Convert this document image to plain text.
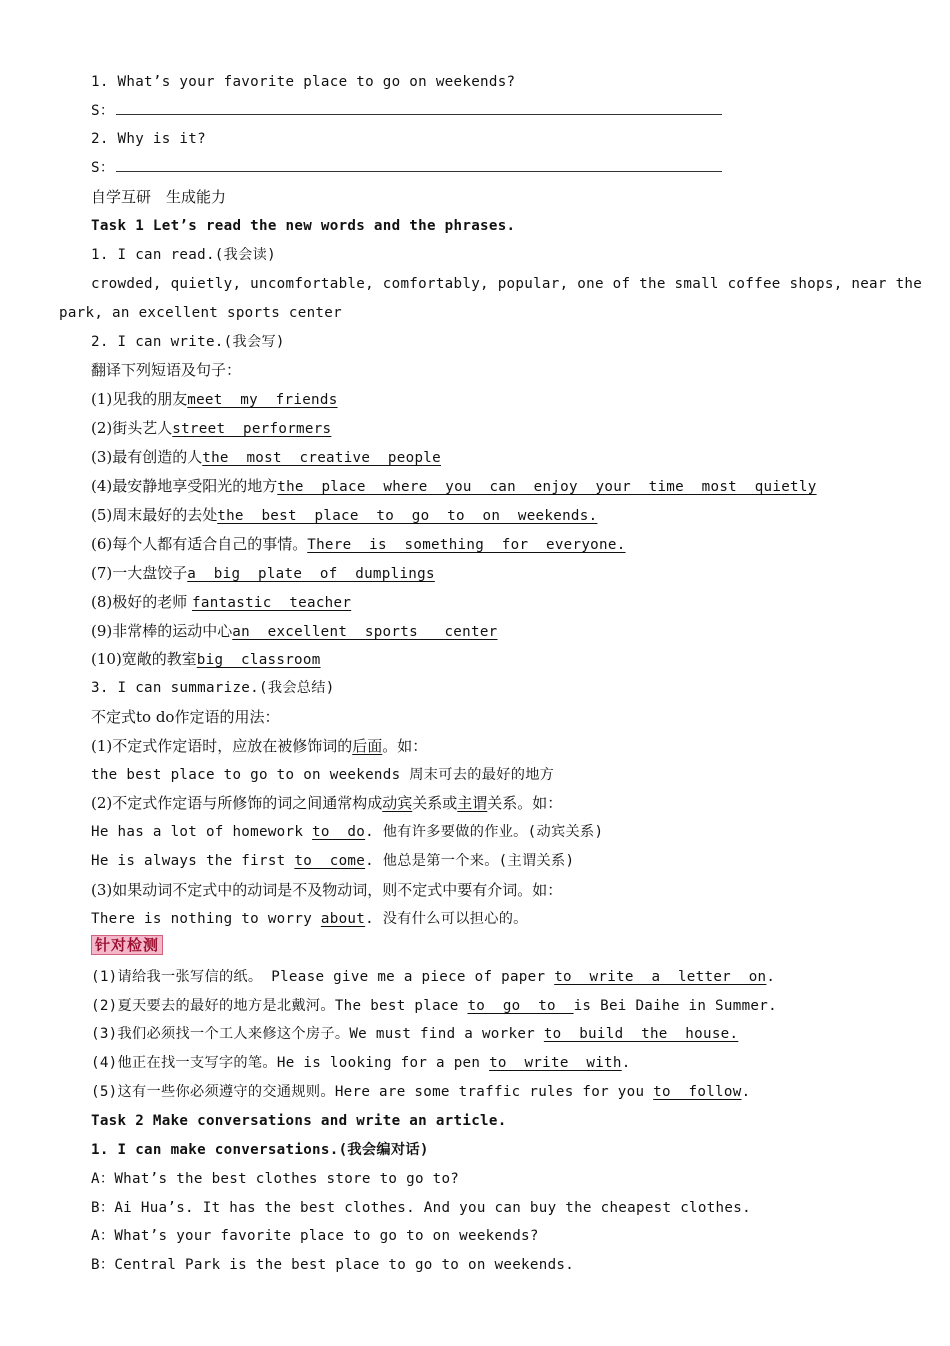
1. What’s your favorite place to go on weekends?
S：
2. Why is it?
S：
自学互研　生成能力
Task 1 Let’s read the new words and the phrases.
1. I can read.(我会读)
crowded, quietly, uncomfortable, comfortably, popular, one of the small coffee shops, near the
park, an excellent sports center
2. I can write.(我会写)
翻译下列短语及句子：
(1)见我的朋友meet  my  friends
(2)街头艺人street  performers
(3)最有创造的人the  most  creative  people
(4)最安静地享受阳光的地方the  place  where  you  can  enjoy  your  time  most  quietly
(5)周末最好的去处the  best  place  to  go  to  on  weekends.
(6)每个人都有适合自己的事情。There  is  something  for  everyone.
(7)一大盘饺子a  big  plate  of  dumplings
(8)极好的老师 fantastic  teacher
(9)非常棒的运动中心an  excellent  sports   center
(10)宽敞的教室big  classroom
3. I can summarize.(我会总结)
不定式to do作定语的用法：
(1)不定式作定语时，应放在被修饰词的后面。如：
the best place to go to on weekends 周末可去的最好的地方
(2)不定式作定语与所修饰的词之间通常构成动宾关系或主谓关系。如：
He has a lot of homework to  do. 他有许多要做的作业。(动宾关系)
He is always the first to  come. 他总是第一个来。(主谓关系)
(3)如果动词不定式中的动词是不及物动词，则不定式中要有介词。如：
There is nothing to worry about. 没有什么可以担心的。
针对检测
(1)请给我一张写信的纸。 Please give me a piece of paper to  write  a  letter  on.
(2)夏天要去的最好的地方是北戴河。The best place to  go  to  is Bei Daihe in Summer.
(3)我们必须找一个工人来修这个房子。We must find a worker to  build  the  house.
(4)他正在找一支写字的笔。He is looking for a pen to  write  with.
(5)这有一些你必须遵守的交通规则。Here are some traffic rules for you to  follow.
Task 2 Make conversations and write an article.
1. I can make conversations.(我会编对话)
A：What’s the best clothes store to go to?
B：Ai Hua’s. It has the best clothes. And you can buy the cheapest clothes.
A：What’s your favorite place to go to on weekends?
B：Central Park is the best place to go to on weekends.
